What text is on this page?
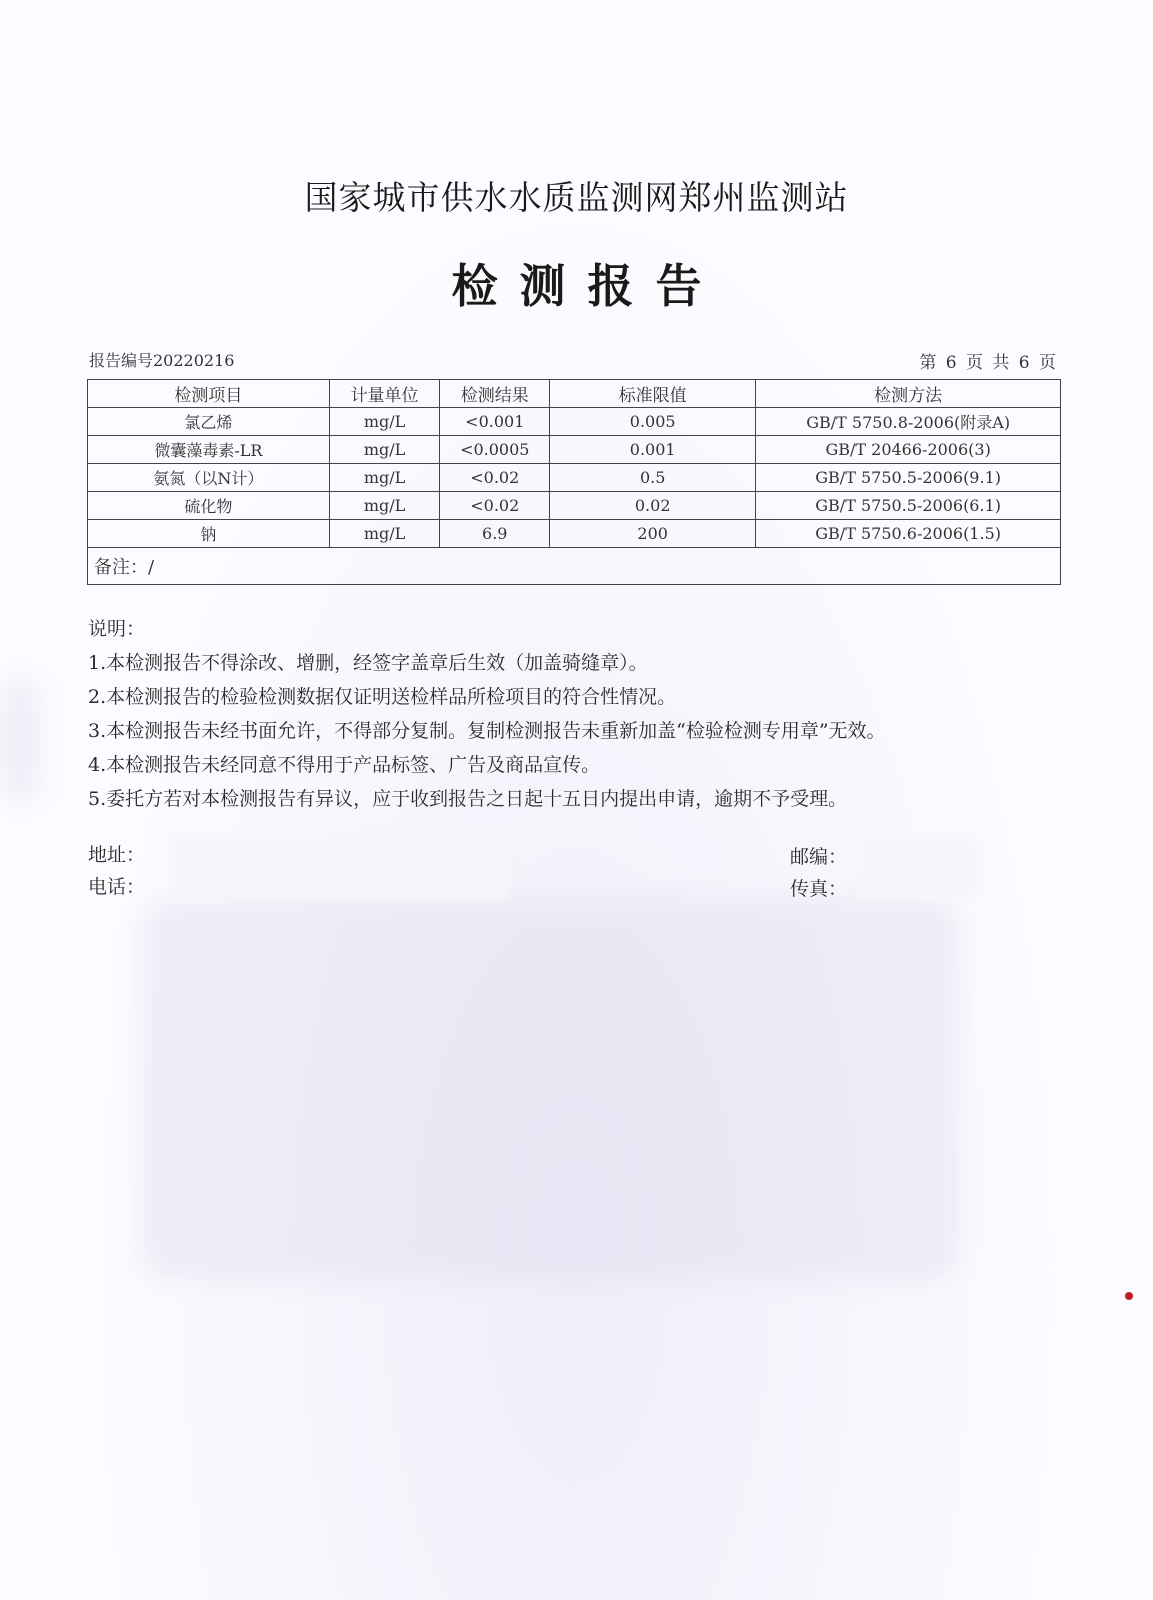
国家城市供水水质监测网郑州监测站
检测报告
报告编号20220216	第 6 页 共 6 页
检测项目	计量单位	检测结果	标准限值	检测方法
氯乙烯	mg/L	<0.001	0.005	GB/T 5750.8-2006(附录A)
微囊藻毒素-LR	mg/L	<0.0005	0.001	GB/T 20466-2006(3)
氨氮（以N计）	mg/L	<0.02	0.5	GB/T 5750.5-2006(9.1)
硫化物	mg/L	<0.02	0.02	GB/T 5750.5-2006(6.1)
钠	mg/L	6.9	200	GB/T 5750.6-2006(1.5)
备注：/				

说明：

1.本检测报告不得涂改、增删，经签字盖章后生效（加盖骑缝章）。

2.本检测报告的检验检测数据仅证明送检样品所检项目的符合性情况。

3.本检测报告未经书面允许，不得部分复制。复制检测报告未重新加盖“检验检测专用章”无效。

4.本检测报告未经同意不得用于产品标签、广告及商品宣传。

5.委托方若对本检测报告有异议，应于收到报告之日起十五日内提出申请，逾期不予受理。

地址：
电话：
邮编：
传真：
